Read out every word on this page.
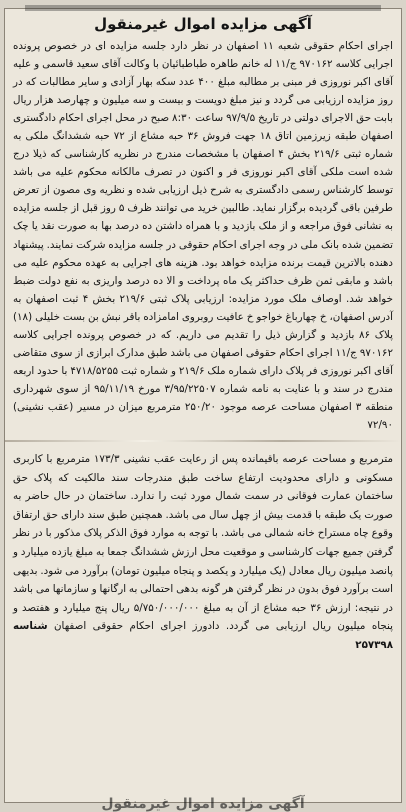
آگهی مزایده اموال غیرمنقول

اجرای احکام حقوقی شعبه ۱۱ اصفهان در نظر دارد جلسه مزایده ای در خصوص پرونده اجرایی کلاسه ۹۷۰۱۶۲ ج/۱۱ له خانم طاهره طباطبائیان با وکالت آقای سعید قاسمی و علیه آقای اکبر نوروزی فر مبنی بر مطالبه مبلغ ۴۰۰ عدد سکه بهار آزادی و سایر مطالبات که در روز مزایده ارزیابی می گردد و نیز مبلغ دویست و بیست و سه میلیون و چهارصد هزار ریال بابت حق الاجرای دولتی در تاریخ ۹۷/۹/۵ ساعت ۸:۳۰ صبح در محل اجرای احکام دادگستری اصفهان طبقه زیرزمین اتاق ۱۸ جهت فروش ۳۶ حبه مشاع از ۷۲ حبه ششدانگ ملکی به شماره ثبتی ۲۱۹/۶ بخش ۴ اصفهان با مشخصات مندرج در نظریه کارشناسی که ذیلا درج شده است ملکی آقای اکبر نوروزی فر و اکنون در تصرف مالکانه محکوم علیه می باشد توسط کارشناس رسمی دادگستری به شرح ذیل ارزیابی شده و نظریه وی مصون از تعرض طرفین باقی گردیده برگزار نماید. طالبین خرید می توانند ظرف ۵ روز قبل از جلسه مزایده به نشانی فوق مراجعه و از ملک بازدید و با همراه داشتن ده درصد بها به صورت نقد یا چک تضمین شده بانک ملی در وجه اجرای احکام حقوقی در جلسه مزایده شرکت نمایند. پیشنهاد دهنده بالاترین قیمت برنده مزایده خواهد بود. هزینه های اجرایی به عهده محکوم علیه می باشد و مابقی ثمن ظرف حداکثر یک ماه پرداخت و الا ده درصد واریزی به نفع دولت ضبط خواهد شد. اوصاف ملک مورد مزایده: ارزیابی پلاک ثبتی ۲۱۹/۶ بخش ۴ ثبت اصفهان به آدرس اصفهان، خ چهارباغ خواجو خ عافیت روبروی امامزاده باقر نبش بن بست خلیلی (۱۸) پلاک ۸۶ بازدید و گزارش ذیل را تقدیم می داریم. که در خصوص پرونده اجرایی کلاسه ۹۷۰۱۶۲ ج/۱۱ اجرای احکام حقوقی اصفهان می باشد طبق مدارک ابرازی از سوی متقاضی آقای اکبر نوروزی فر پلاک دارای شماره ملک ۲۱۹/۶ و شماره ثبت ۴۷۱۸/۵۲۵۵ با حدود اربعه مندرج در سند و با عنایت به نامه شماره ۳/۹۵/۲۲۵۰۷ مورخ ۹۵/۱۱/۱۹ از سوی شهرداری منطقه ۳ اصفهان مساحت عرصه موجود ۲۵۰/۲۰ مترمربع میزان در مسیر (عقب نشینی) ۷۲/۹۰

مترمربع و مساحت عرصه باقیمانده پس از رعایت عقب نشینی ۱۷۳/۳ مترمربع با کاربری مسکونی و دارای محدودیت ارتفاع ساخت طبق مندرجات سند مالکیت که پلاک حق ساختمان عمارت فوقانی در سمت شمال مورد ثبت را ندارد. ساختمان در حال حاضر به صورت یک طبقه با قدمت بیش از چهل سال می باشد. همچنین طبق سند دارای حق ارتفاق وقوع چاه مستراح خانه شمالی می باشد. با توجه به موارد فوق الذکر پلاک مذکور با در نظر گرفتن جمیع جهات کارشناسی و موقعیت محل ارزش ششدانگ جمعا به مبلغ یازده میلیارد و پانصد میلیون ریال معادل (یک میلیارد و یکصد و پنجاه میلیون تومان) برآورد می شود. بدیهی است برآورد فوق بدون در نظر گرفتن هر گونه بدهی احتمالی به ارگانها و سازمانها می باشد در نتیجه: ارزش ۳۶ حبه مشاع از آن به مبلغ ۵/۷۵۰/۰۰۰/۰۰۰ ریال پنج میلیارد و هفتصد و پنجاه میلیون ریال ارزیابی می گردد. دادورز اجرای احکام حقوقی اصفهان شناسه ۲۵۷۳۹۸

آگهی مزایده اموال غیرمنقول
